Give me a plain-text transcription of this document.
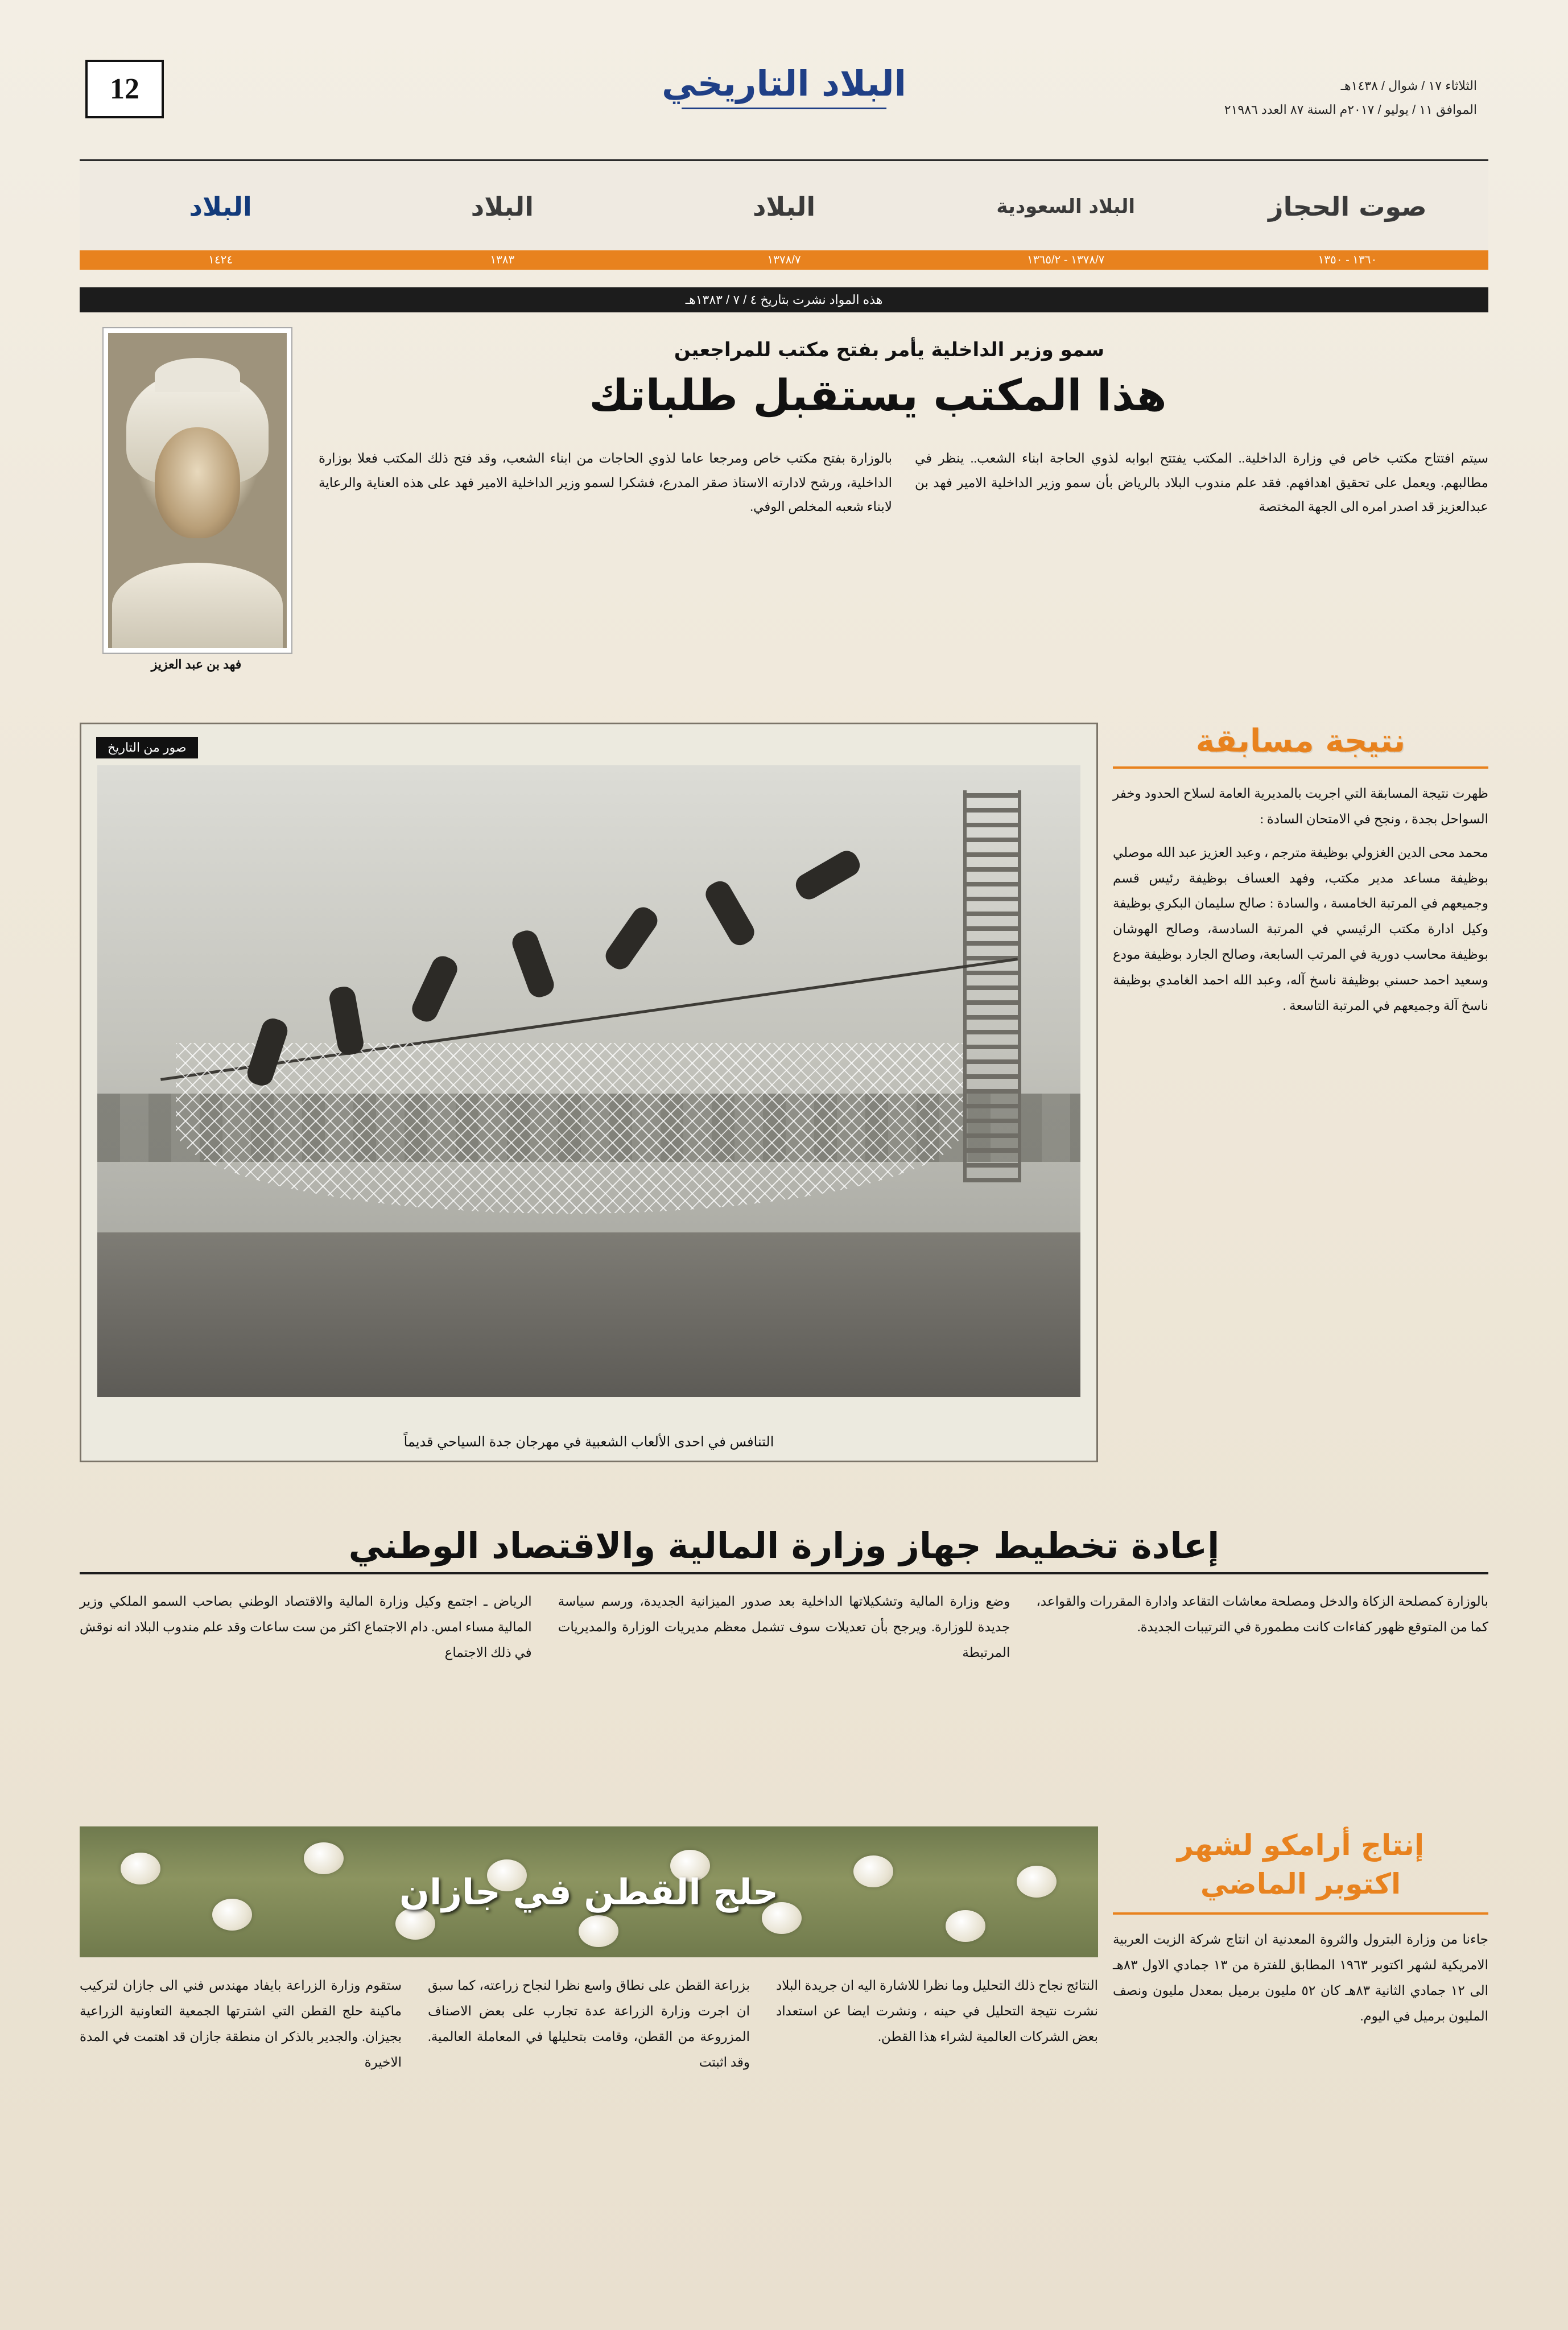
الثلاثاء ١٧ / شوال / ١٤٣٨هـ
الموافق ١١ / يوليو / ٢٠١٧م السنة ٨٧ العدد ٢١٩٨٦
البلاد التاريخي
12
البلاد	البلاد	البلاد	البلاد السعودية	صوت الحجاز
١٤٢٤	١٣٨٣	١٣٧٨/٧	١٣٧٨/٧ - ١٣٦٥/٢	١٣٦٠ - ١٣٥٠
هذه المواد نشرت بتاريخ ٤ / ٧ / ١٣٨٣هـ
سمو وزير الداخلية يأمر بفتح مكتب للمراجعين
هذا المكتب يستقبل طلباتك
فهد بن عبد العزيز
بالوزارة بفتح مكتب خاص ومرجعا عاما لذوي الحاجات من ابناء الشعب، وقد فتح ذلك المكتب فعلا بوزارة الداخلية، ورشح لادارته الاستاذ صقر المدرع، فشكرا لسمو وزير الداخلية الامير فهد على هذه العناية والرعاية لابناء شعبه المخلص الوفي.
سيتم افتتاح مكتب خاص في وزارة الداخلية.. المكتب يفتتح ابوابه لذوي الحاجة ابناء الشعب.. ينظر في مطالبهم. ويعمل على تحقيق اهدافهم. فقد علم مندوب البلاد بالرياض بأن سمو وزير الداخلية الامير فهد بن عبدالعزيز قد اصدر امره الى الجهة المختصة
نتيجة مسابقة

ظهرت نتيجة المسابقة التي اجريت بالمديرية العامة لسلاح الحدود وخفر السواحل بجدة ، ونجح في الامتحان السادة :

محمد محى الدين الغزولي بوظيفة مترجم ، وعبد العزيز عبد الله موصلي بوظيفة مساعد مدير مكتب، وفهد العساف بوظيفة رئيس قسم وجميعهم في المرتبة الخامسة ، والسادة : صالح سليمان البكري بوظيفة وكيل ادارة مكتب الرئيسي في المرتبة السادسة، وصالح الهوشان بوظيفة محاسب دورية في المرتب السابعة، وصالح الجارد بوظيفة مودع وسعيد احمد حسني بوظيفة ناسخ آله، وعبد الله احمد الغامدي بوظيفة ناسخ آلة وجميعهم في المرتبة التاسعة .

صور من التاريخ
التنافس في احدى الألعاب الشعبية في مهرجان جدة السياحي قديماً
إعادة تخطيط جهاز وزارة المالية والاقتصاد الوطني
الرياض ـ اجتمع وكيل وزارة المالية والاقتصاد الوطني بصاحب السمو الملكي وزير المالية مساء امس. دام الاجتماع اكثر من ست ساعات وقد علم مندوب البلاد انه نوقش في ذلك الاجتماع
وضع وزارة المالية وتشكيلاتها الداخلية بعد صدور الميزانية الجديدة، ورسم سياسة جديدة للوزارة. ويرجح بأن تعديلات سوف تشمل معظم مديريات الوزارة والمديريات المرتبطة
بالوزارة كمصلحة الزكاة والدخل ومصلحة معاشات التقاعد وادارة المقررات والقواعد، كما من المتوقع ظهور كفاءات كانت مطمورة في الترتيبات الجديدة.
إنتاج أرامكو لشهر
اكتوبر الماضي

جاءنا من وزارة البترول والثروة المعدنية ان انتاج شركة الزيت العربية الامريكية لشهر اكتوبر ١٩٦٣ المطابق للفترة من ١٣ جمادي الاول ٨٣هـ الى ١٢ جمادي الثانية ٨٣هـ كان ٥٢ مليون برميل بمعدل مليون ونصف المليون برميل في اليوم.

حلج القطن في جازان
ستقوم وزارة الزراعة بايفاد مهندس فني الى جازان لتركيب ماكينة حلج القطن التي اشترتها الجمعية التعاونية الزراعية بجيزان. والجدير بالذكر ان منطقة جازان قد اهتمت في المدة الاخيرة
بزراعة القطن على نطاق واسع نظرا لنجاح زراعته، كما سبق ان اجرت وزارة الزراعة عدة تجارب على بعض الاصناف المزروعة من القطن، وقامت بتحليلها في المعاملة العالمية. وقد اثبتت
النتائج نجاح ذلك التحليل وما نظرا للاشارة اليه ان جريدة البلاد نشرت نتيجة التحليل في حينه ، ونشرت ايضا عن استعداد بعض الشركات العالمية لشراء هذا القطن.
